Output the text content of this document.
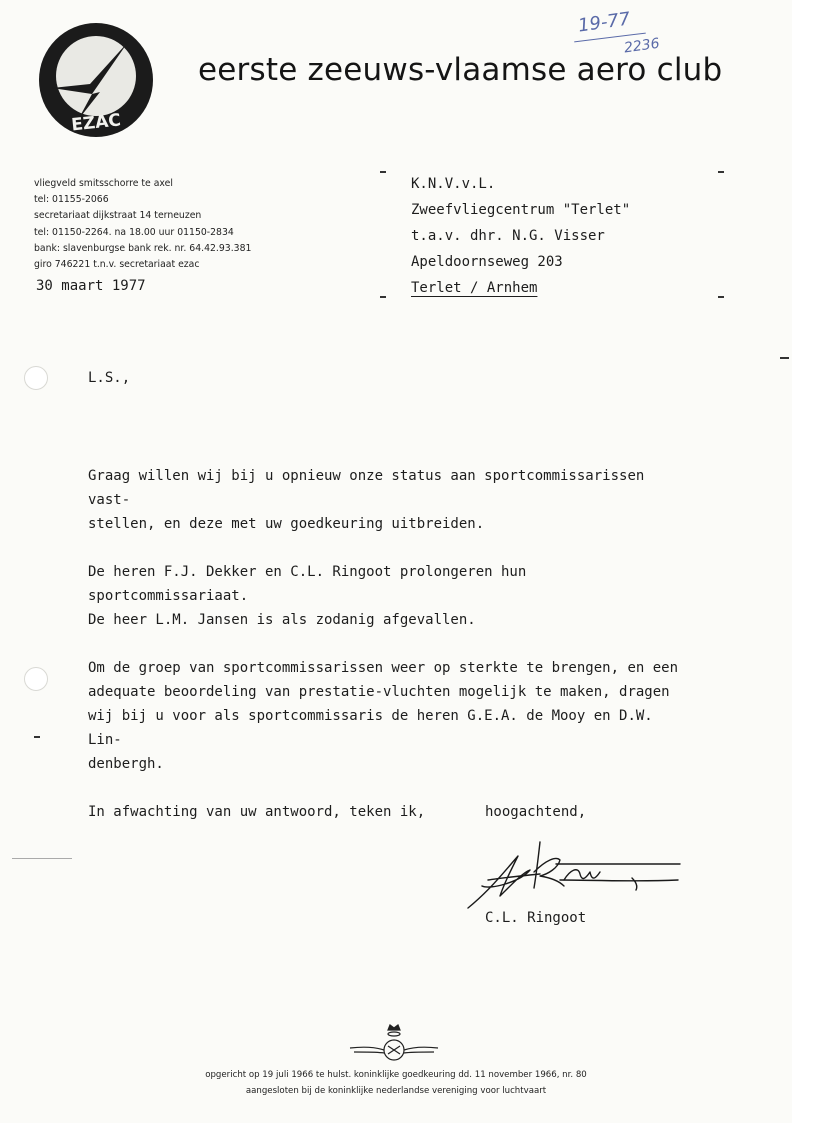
EZAC
eerste zeeuws-vlaamse aero club
19-77
2236
vliegveld smitsschorre te axel
tel: 01155-2066
secretariaat dijkstraat 14 terneuzen
tel: 01150-2264. na 18.00 uur 01150-2834
bank: slavenburgse bank rek. nr. 64.42.93.381
giro 746221 t.n.v. secretariaat ezac
30 maart 1977
K.N.V.v.L.
Zweefvliegcentrum "Terlet"
t.a.v. dhr. N.G. Visser
Apeldoornseweg 203
Terlet / Arnhem
L.S.,

Graag willen wij bij u opnieuw onze status aan sportcommissarissen vast-
stellen, en deze met uw goedkeuring uitbreiden.

De heren F.J. Dekker en C.L. Ringoot prolongeren hun sportcommissariaat.
De heer L.M. Jansen is als zodanig afgevallen.

Om de groep van sportcommissarissen weer op sterkte te brengen, en een
adequate beoordeling van prestatie-vluchten mogelijk te maken, dragen
wij bij u voor als sportcommissaris de heren G.E.A. de Mooy en D.W. Lin-
denbergh.

In afwachting van uw antwoord, teken ik,	hoogachtend,
C.L. Ringoot
opgericht op 19 juli 1966 te hulst. koninklijke goedkeuring dd. 11 november 1966, nr. 80
aangesloten bij de koninklijke nederlandse vereniging voor luchtvaart
